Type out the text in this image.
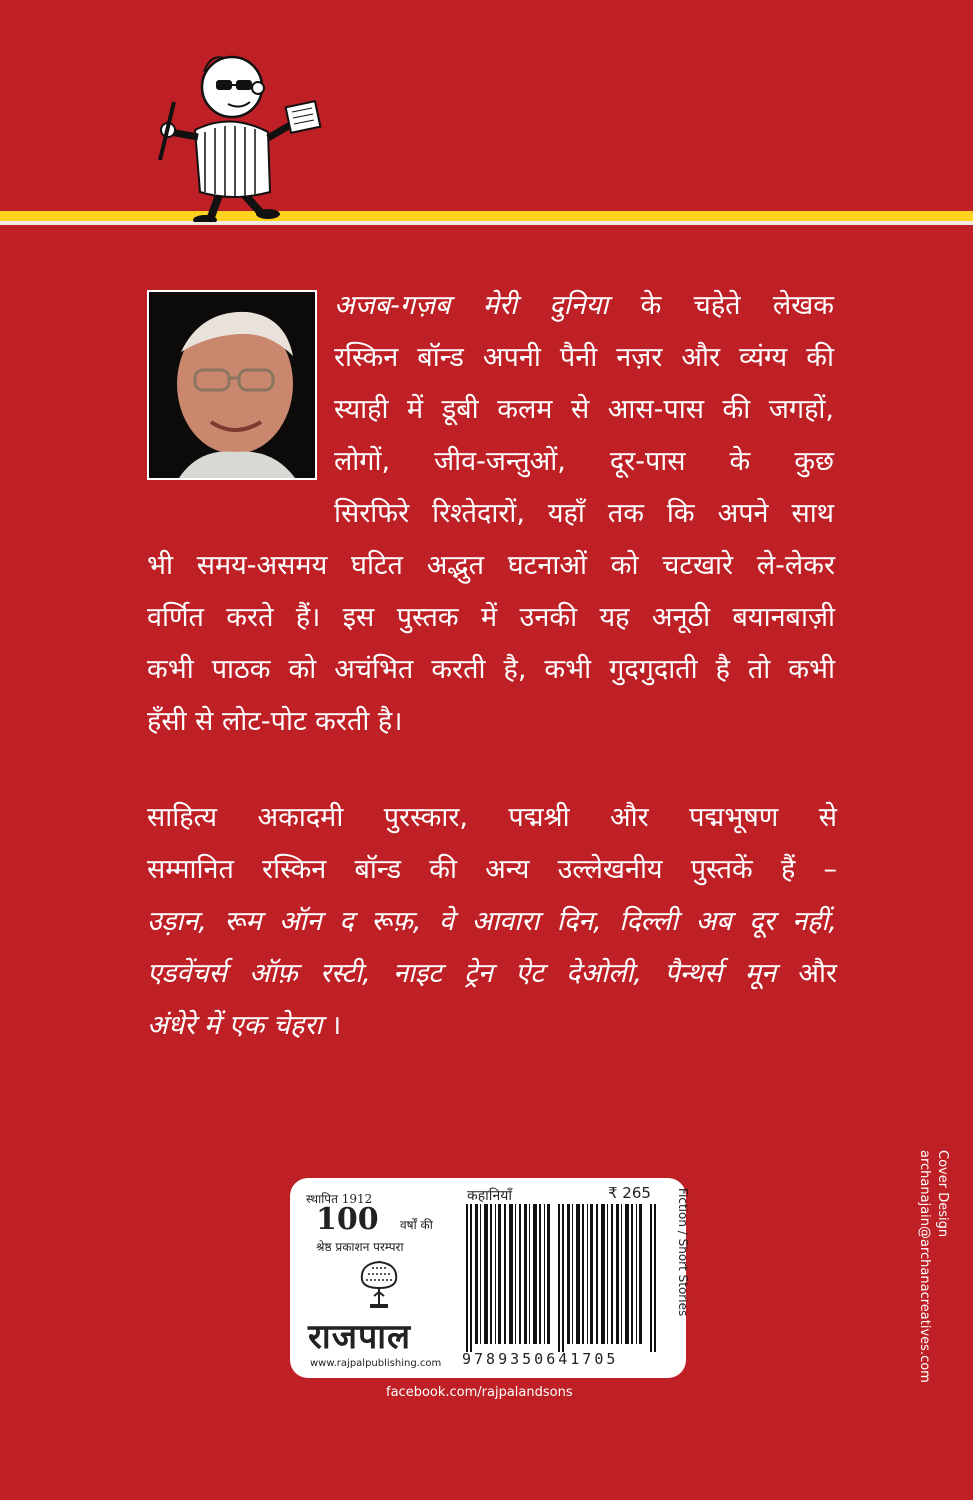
अजब-गज़ब मेरी दुनिया के चहेते लेखक
रस्किन बॉन्ड अपनी पैनी नज़र और व्यंग्य की
स्याही में डूबी कलम से आस-पास की जगहों,
लोगों, जीव-जन्तुओं, दूर-पास के कुछ
सिरफिरे रिश्तेदारों, यहाँ तक कि अपने साथ
भी समय-असमय घटित अद्भुत घटनाओं को चटखारे ले-लेकर
वर्णित करते हैं। इस पुस्तक में उनकी यह अनूठी बयानबाज़ी
कभी पाठक को अचंभित करती है, कभी गुदगुदाती है तो कभी
हँसी से लोट-पोट करती है।
साहित्य अकादमी पुरस्कार, पद्मश्री और पद्मभूषण से
सम्मानित रस्किन बॉन्ड की अन्य उल्लेखनीय पुस्तकें हैं –
उड़ान, रूम ऑन द रूफ़, वे आवारा दिन, दिल्ली अब दूर नहीं,
एडवेंचर्स ऑफ़ रस्टी, नाइट ट्रेन ऐट देओली, पैन्थर्स मून और
अंधेरे में एक चेहरा ।
स्थापित 1912
100 वर्षों की
श्रेष्ठ प्रकाशन परम्परा
राजपाल
www.rajpalpublishing.com
कहानियाँ	₹ 265
9789350641705
Fiction / Short Stories
facebook.com/rajpalandsons
Cover Design
archanajain@archanacreatives.com
